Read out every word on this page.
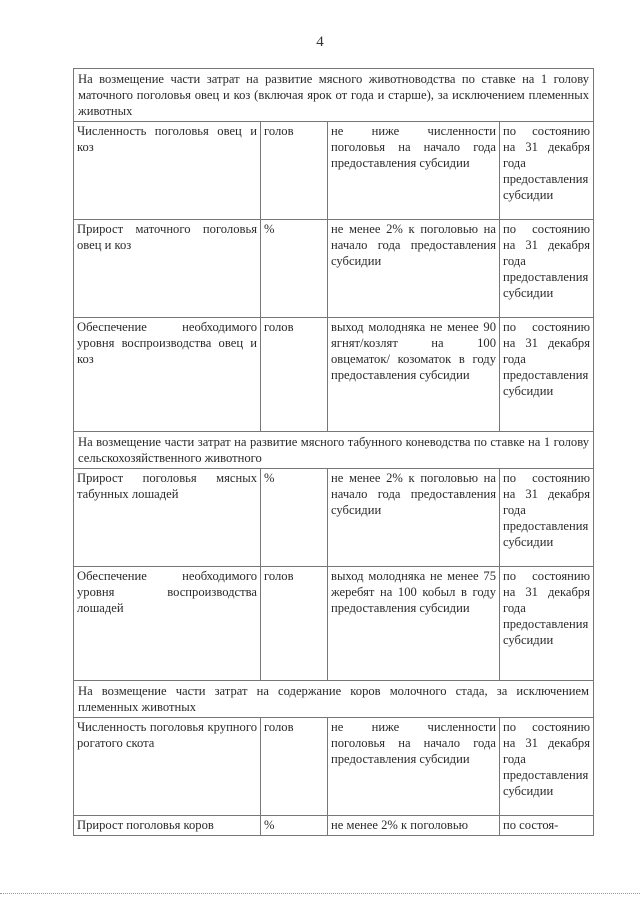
4
На возмещение части затрат на развитие мясного животноводства по ставке на 1 голову маточного поголовья овец и коз (включая ярок от года и старше), за исключением племенных животных			
Численность поголовья овец и коз	голов	не ниже численности поголовья на начало года предоставления субсидии	по состоянию на 31 декабря года предоставления субсидии
Прирост маточного поголовья овец и коз	%	не менее 2% к поголовью на начало года предоставления субсидии	по состоянию на 31 декабря года предоставления субсидии
Обеспечение необходимого уровня воспроизводства овец и коз	голов	выход молодняка не менее 90 ягнят/козлят на 100 овцематок/ козоматок в году предоставления субсидии	по состоянию на 31 декабря года предоставления субсидии
На возмещение части затрат на развитие мясного табунного коневодства по ставке на 1 голову сельскохозяйственного животного			
Прирост поголовья мясных табунных лошадей	%	не менее 2% к поголовью на начало года предоставления субсидии	по состоянию на 31 декабря года предоставления субсидии
Обеспечение необходимого уровня воспроизводства лошадей	голов	выход молодняка не менее 75 жеребят на 100 кобыл в году предоставления субсидии	по состоянию на 31 декабря года предоставления субсидии
На возмещение части затрат на содержание коров молочного стада, за исключением племенных животных			
Численность поголовья крупного рогатого скота	голов	не ниже численности поголовья на начало года предоставления субсидии	по состоянию на 31 декабря года предоставления субсидии
Прирост поголовья коров	%	не менее 2% к поголовью	по состоя-
